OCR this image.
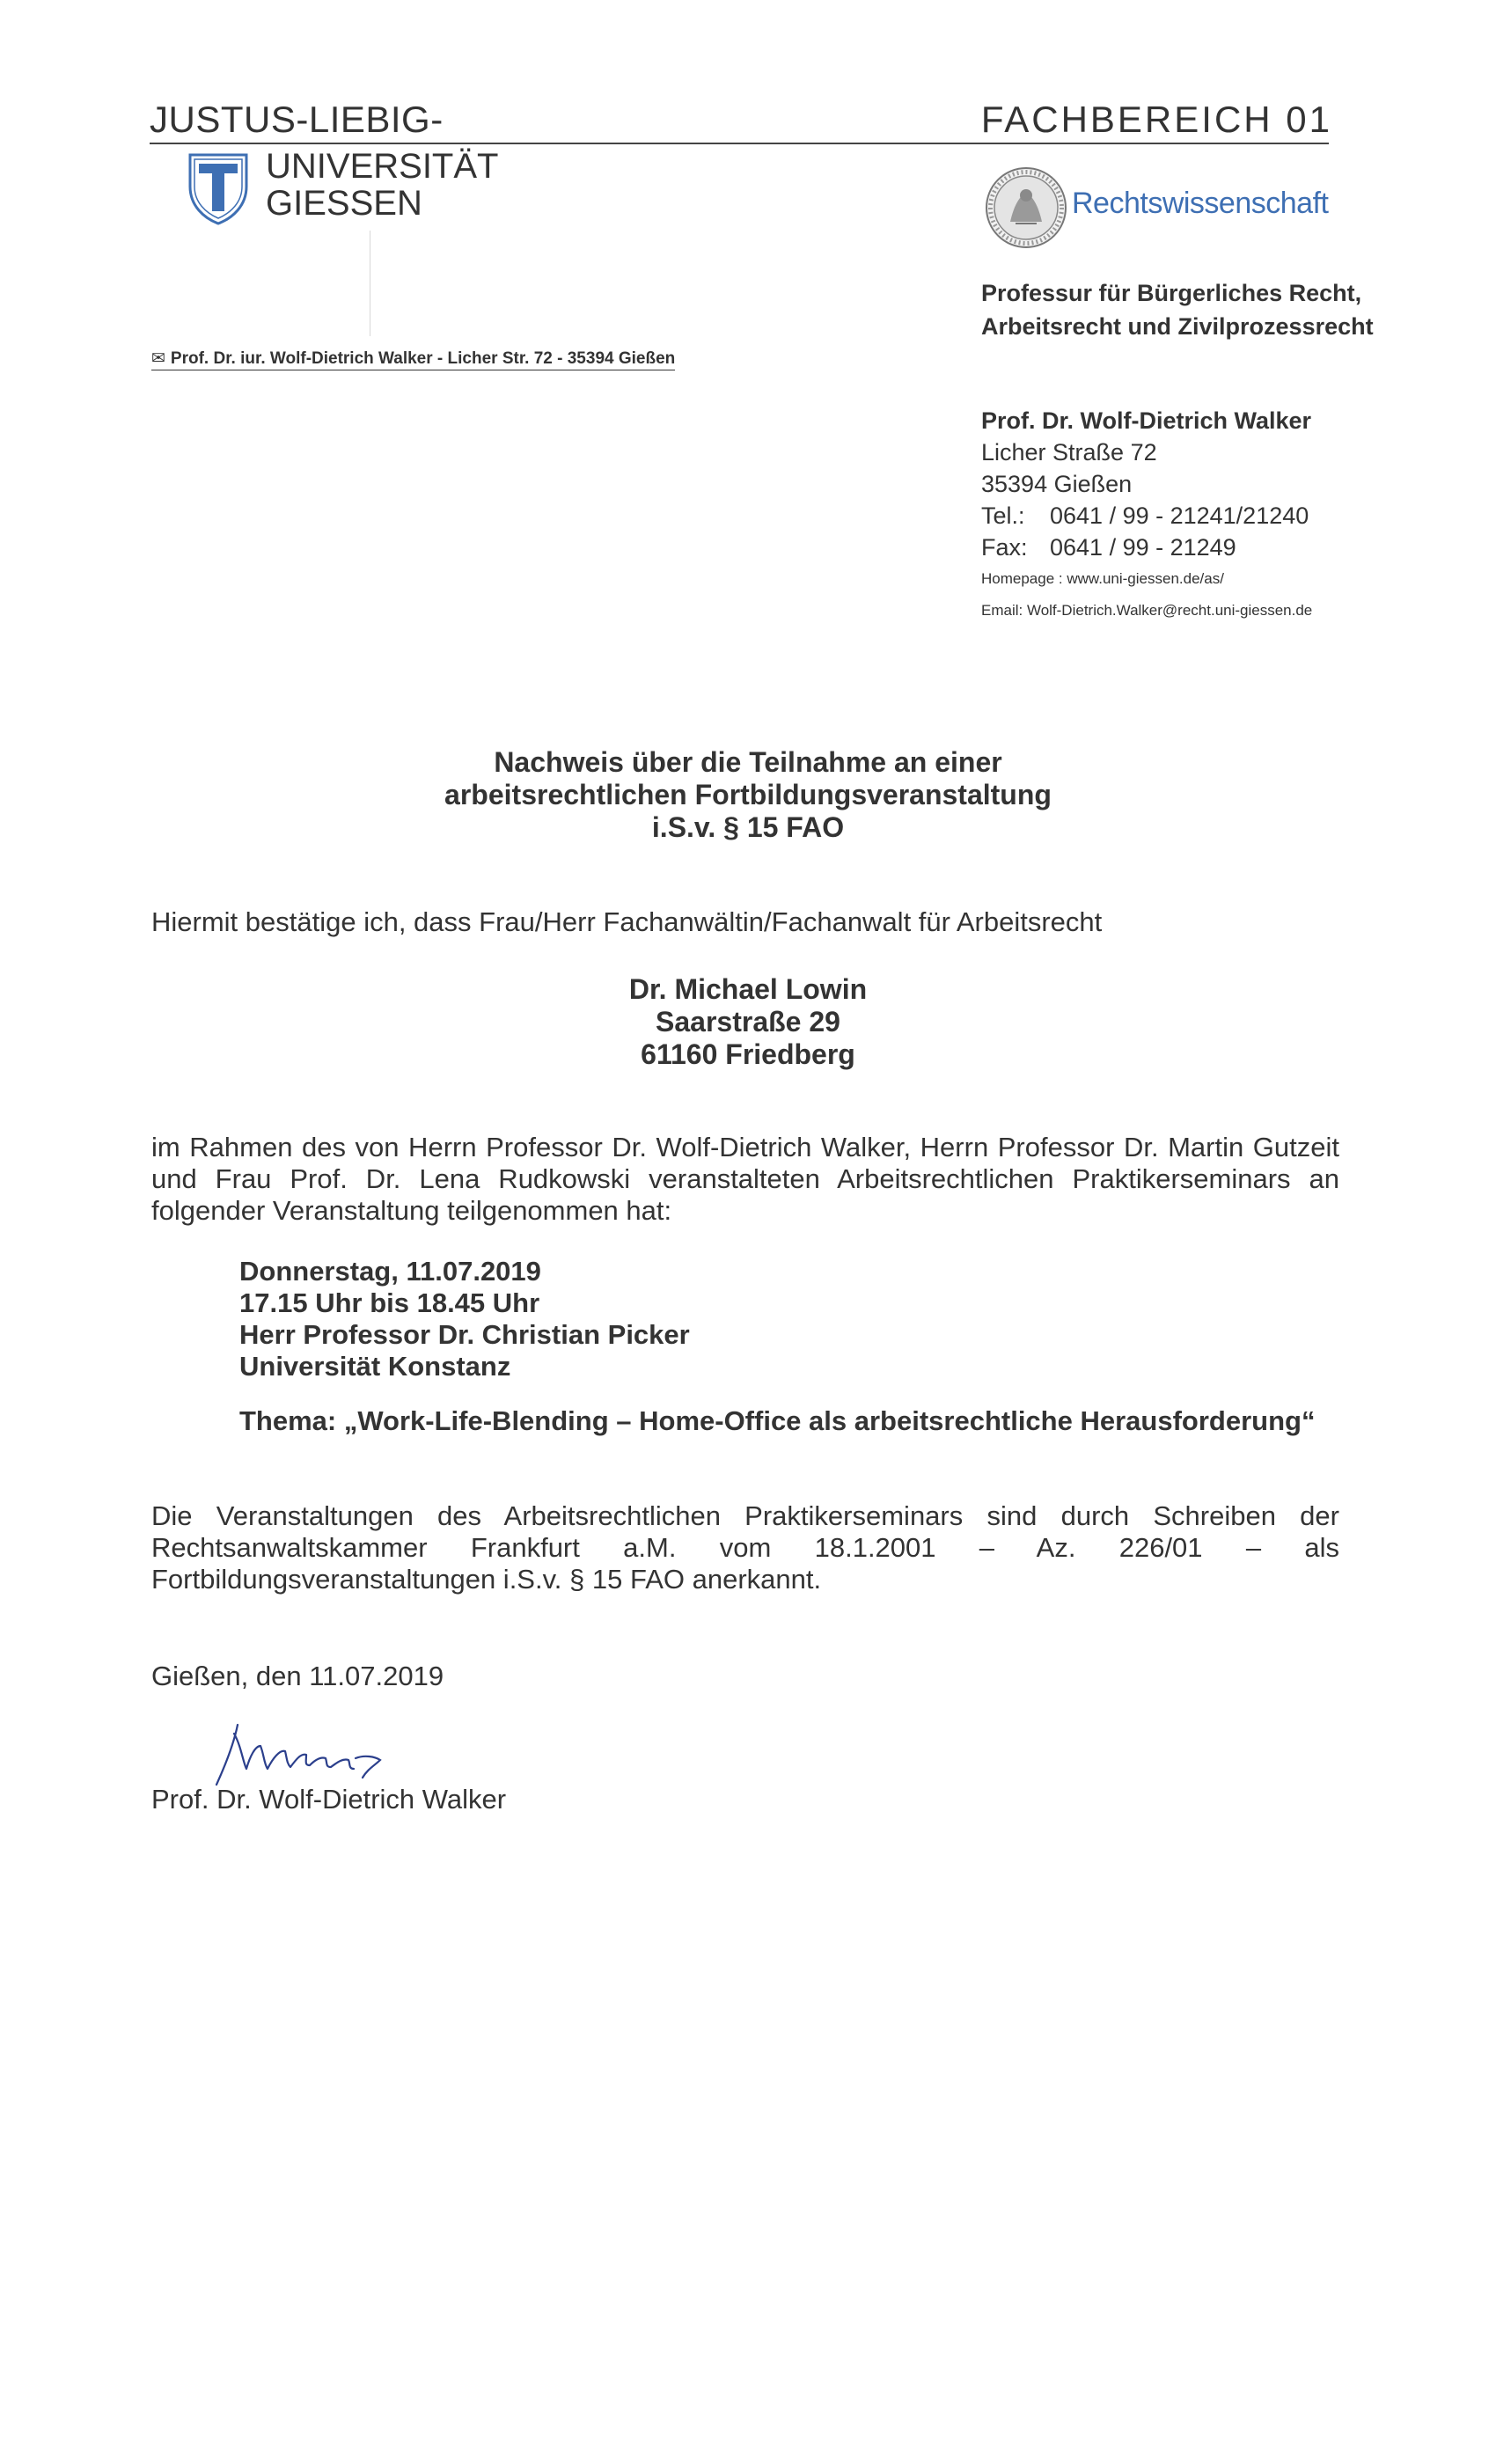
JUSTUS-LIEBIG-
UNIVERSITÄT
GIESSEN
FACHBEREICH 01
Rechtswissenschaft
Professur für Bürgerliches Recht, Arbeitsrecht und Zivilprozessrecht
✉ Prof. Dr. iur. Wolf-Dietrich Walker - Licher Str. 72 - 35394 Gießen
Prof. Dr. Wolf-Dietrich Walker
Licher Straße 72
35394 Gießen
Tel.: 0641 / 99 - 21241/21240
Fax: 0641 / 99 - 21249
Homepage : www.uni-giessen.de/as/
Email: Wolf-Dietrich.Walker@recht.uni-giessen.de
Nachweis über die Teilnahme an einer
arbeitsrechtlichen Fortbildungsveranstaltung
i.S.v. § 15 FAO
Hiermit bestätige ich, dass Frau/Herr Fachanwältin/Fachanwalt für Arbeitsrecht
Dr. Michael Lowin
Saarstraße 29
61160 Friedberg
im Rahmen des von Herrn Professor Dr. Wolf-Dietrich Walker, Herrn Professor Dr. Martin Gutzeit und Frau Prof. Dr. Lena Rudkowski veranstalteten Arbeitsrechtlichen Praktikerseminars an folgender Veranstaltung teilgenommen hat:
Donnerstag, 11.07.2019
17.15 Uhr bis 18.45 Uhr
Herr Professor Dr. Christian Picker
Universität Konstanz
Thema: „Work-Life-Blending – Home-Office als arbeitsrechtliche Herausforderung“
Die Veranstaltungen des Arbeitsrechtlichen Praktikerseminars sind durch Schreiben der Rechtsanwaltskammer Frankfurt a.M. vom 18.1.2001 – Az. 226/01 – als Fortbildungsveranstaltungen i.S.v. § 15 FAO anerkannt.
Gießen, den 11.07.2019
Prof. Dr. Wolf-Dietrich Walker
